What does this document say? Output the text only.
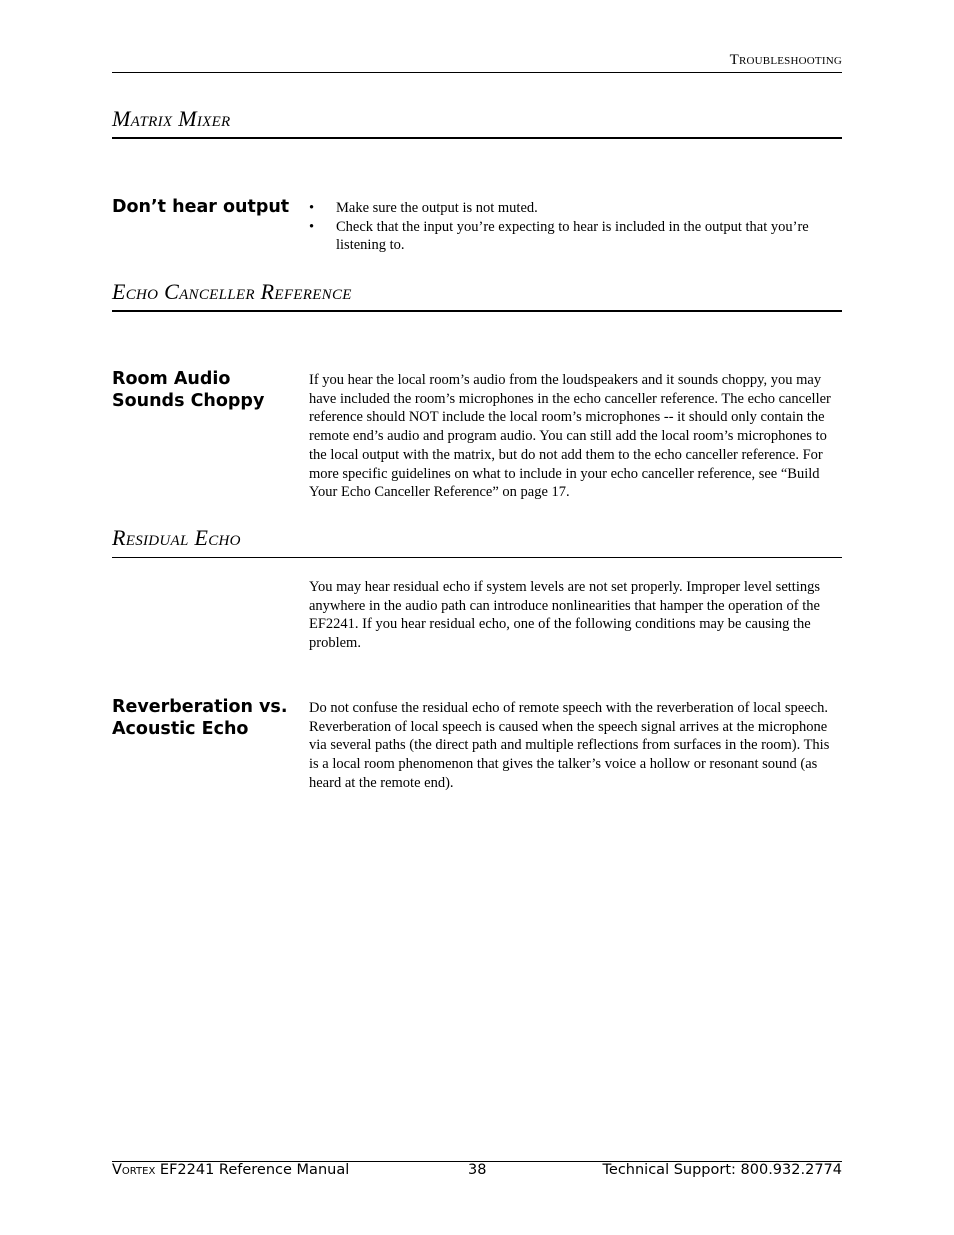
Troubleshooting
Matrix Mixer
Don’t hear output	• Make sure the output is not muted.
• Check that the input you’re expecting to hear is included in the output that you’re listening to.
Echo Canceller Reference
Room Audio
Sounds Choppy
If you hear the local room’s audio from the loudspeakers and it sounds choppy, you may have included the room’s microphones in the echo canceller reference. The echo canceller reference should NOT include the local room’s microphones -- it should only contain the remote end’s audio and program audio. You can still add the local room’s microphones to the local output with the matrix, but do not add them to the echo canceller reference. For more specific guidelines on what to include in your echo canceller reference, see “Build Your Echo Canceller Reference” on page 17.
Residual Echo
You may hear residual echo if system levels are not set properly. Improper level settings anywhere in the audio path can introduce nonlinearities that hamper the operation of the EF2241. If you hear residual echo, one of the following conditions may be causing the problem.
Reverberation vs.
Acoustic Echo
Do not confuse the residual echo of remote speech with the reverberation of local speech. Reverberation of local speech is caused when the speech signal arrives at the microphone via several paths (the direct path and multiple reflections from surfaces in the room). This is a local room phenomenon that gives the talker’s voice a hollow or resonant sound (as heard at the remote end).
Vortex EF2241 Reference Manual	38	Technical Support: 800.932.2774
